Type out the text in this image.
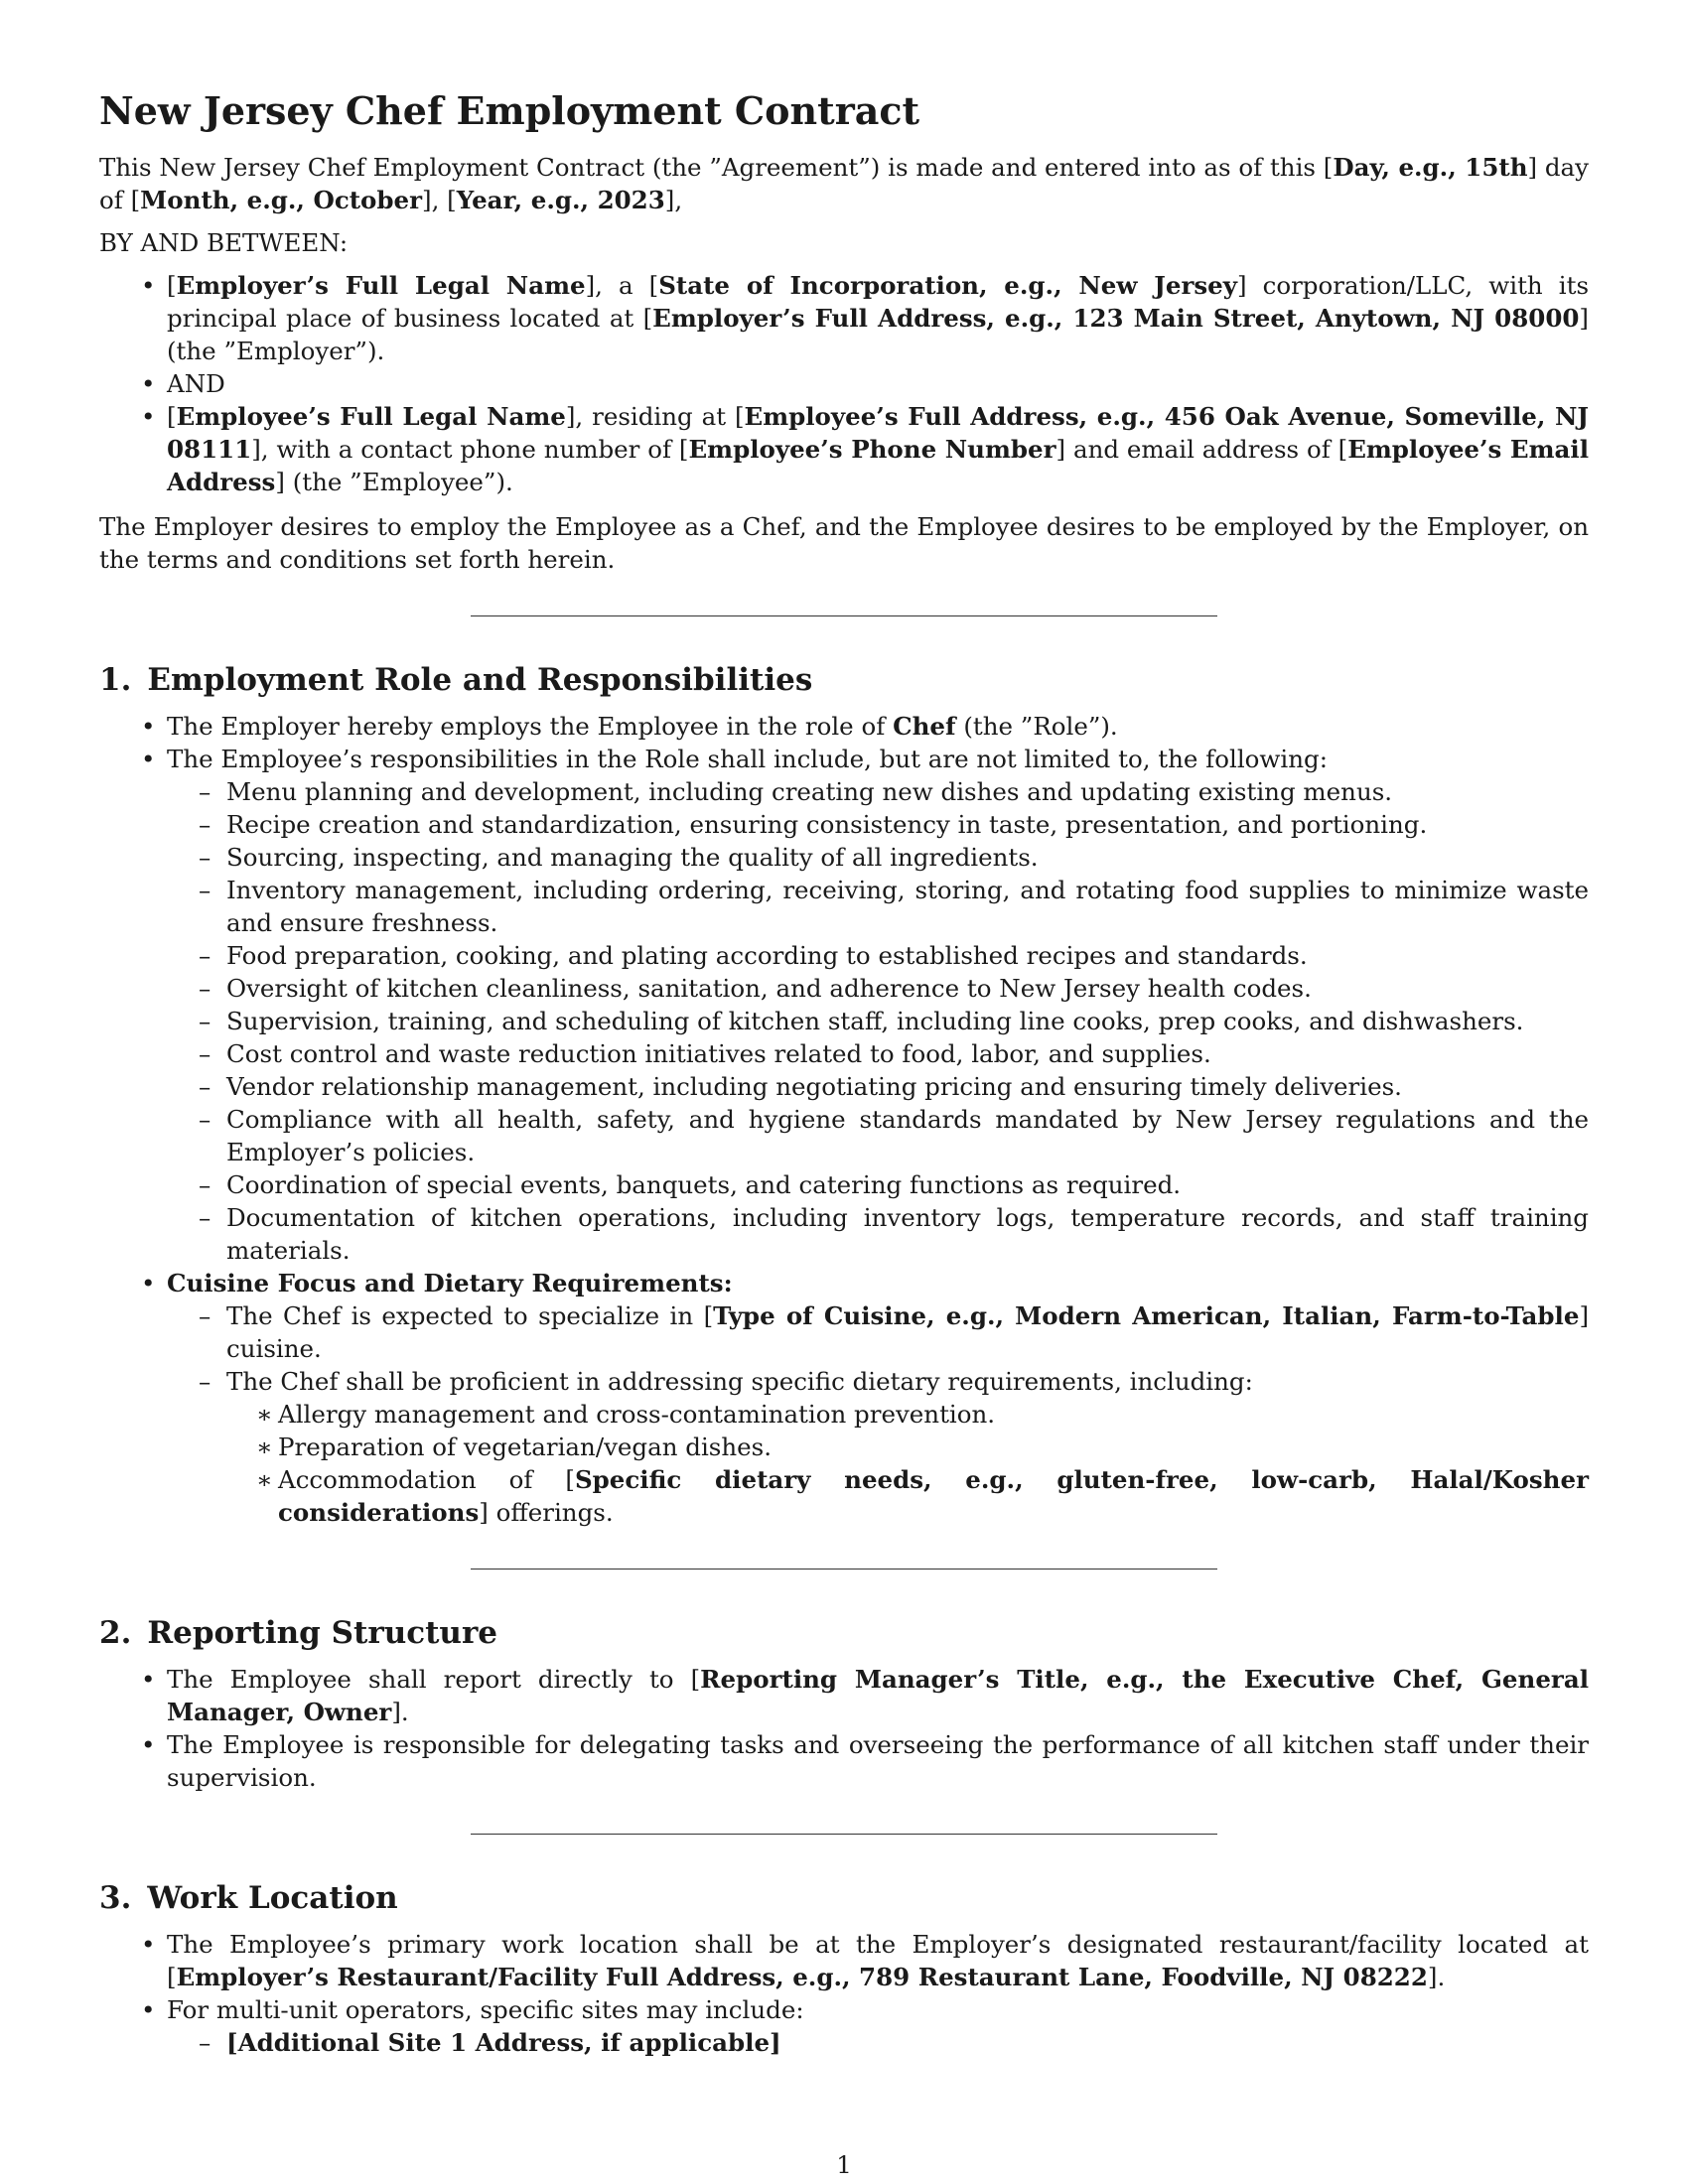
New Jersey Chef Employment Contract

This New Jersey Chef Employment Contract (the ”Agreement”) is made and entered into as of this [Day, e.g., 15th] day of [Month, e.g., October], [Year, e.g., 2023],

BY AND BETWEEN:

• [Employer’s Full Legal Name], a [State of Incorporation, e.g., New Jersey] corporation/LLC, with its principal place of business located at [Employer’s Full Address, e.g., 123 Main Street, Anytown, NJ 08000] (the ”Employer”).
• AND
• [Employee’s Full Legal Name], residing at [Employee’s Full Address, e.g., 456 Oak Avenue, Someville, NJ 08111], with a contact phone number of [Employee’s Phone Number] and email address of [Employee’s Email Address] (the ”Employee”).

The Employer desires to employ the Employee as a Chef, and the Employee desires to be employed by the Employer, on the terms and conditions set forth herein.

1. Employment Role and Responsibilities
• The Employer hereby employs the Employee in the role of Chef (the ”Role”).
• The Employee’s responsibilities in the Role shall include, but are not limited to, the following:
– Menu planning and development, including creating new dishes and updating existing menus.
– Recipe creation and standardization, ensuring consistency in taste, presentation, and portioning.
– Sourcing, inspecting, and managing the quality of all ingredients.
– Inventory management, including ordering, receiving, storing, and rotating food supplies to minimize waste and ensure freshness.
– Food preparation, cooking, and plating according to established recipes and standards.
– Oversight of kitchen cleanliness, sanitation, and adherence to New Jersey health codes.
– Supervision, training, and scheduling of kitchen staff, including line cooks, prep cooks, and dishwashers.
– Cost control and waste reduction initiatives related to food, labor, and supplies.
– Vendor relationship management, including negotiating pricing and ensuring timely deliveries.
– Compliance with all health, safety, and hygiene standards mandated by New Jersey regulations and the Employer’s policies.
– Coordination of special events, banquets, and catering functions as required.
– Documentation of kitchen operations, including inventory logs, temperature records, and staff training materials.
• Cuisine Focus and Dietary Requirements:
– The Chef is expected to specialize in [Type of Cuisine, e.g., Modern American, Italian, Farm-to-Table] cuisine.
– The Chef shall be proficient in addressing specific dietary requirements, including:
∗ Allergy management and cross-contamination prevention.
∗ Preparation of vegetarian/vegan dishes.
∗ Accommodation of [Specific dietary needs, e.g., gluten-free, low-carb, Halal/Kosher considerations] offerings.
2. Reporting Structure
• The Employee shall report directly to [Reporting Manager’s Title, e.g., the Executive Chef, General Manager, Owner].
• The Employee is responsible for delegating tasks and overseeing the performance of all kitchen staff under their supervision.
3. Work Location
• The Employee’s primary work location shall be at the Employer’s designated restaurant/facility located at [Employer’s Restaurant/Facility Full Address, e.g., 789 Restaurant Lane, Foodville, NJ 08222].
• For multi-unit operators, specific sites may include:
– [Additional Site 1 Address, if applicable]
1
